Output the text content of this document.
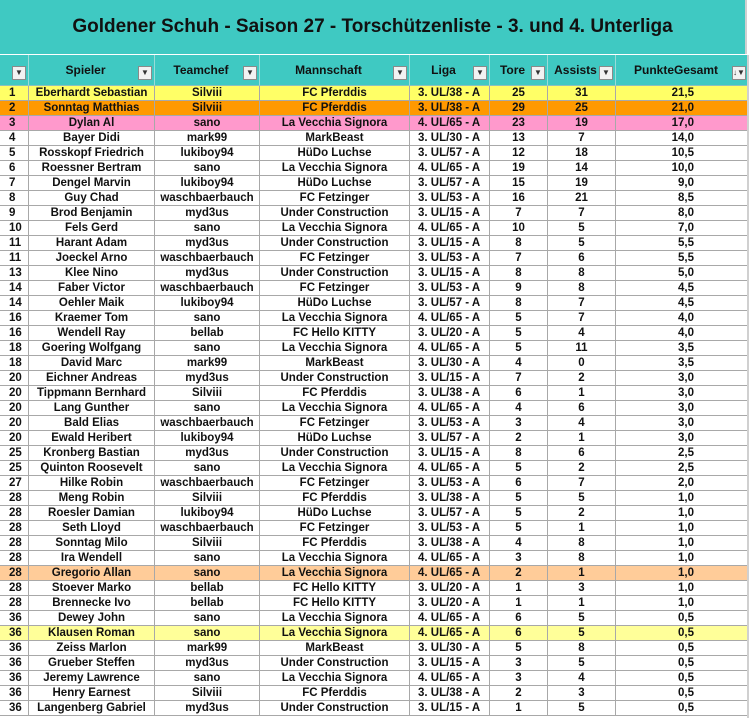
Goldener Schuh - Saison 27 - Torschützenliste - 3. und 4. Unterliga
▼	Spieler	▼	Teamchef	▼	Mannschaft	▼	Liga	▼	Tore	▼	Assists ▼	PunkteGesamt ↓▼
1	Eberhardt Sebastian	Silviii	FC Pferddis	3. UL/38 - A	25	31	21,5
2	Sonntag Matthias	Silviii	FC Pferddis	3. UL/38 - A	29	25	21,0
3	Dylan Al	sano	La Vecchia Signora	4. UL/65 - A	23	19	17,0
4	Bayer Didi	mark99	MarkBeast	3. UL/30 - A	13	7	14,0
5	Rosskopf Friedrich	lukiboy94	HüDo Luchse	3. UL/57 - A	12	18	10,5
6	Roessner Bertram	sano	La Vecchia Signora	4. UL/65 - A	19	14	10,0
7	Dengel Marvin	lukiboy94	HüDo Luchse	3. UL/57 - A	15	19	9,0
8	Guy Chad	waschbaerbauch	FC Fetzinger	3. UL/53 - A	16	21	8,5
9	Brod Benjamin	myd3us	Under Construction	3. UL/15 - A	7	7	8,0
10	Fels Gerd	sano	La Vecchia Signora	4. UL/65 - A	10	5	7,0
11	Harant Adam	myd3us	Under Construction	3. UL/15 - A	8	5	5,5
11	Joeckel Arno	waschbaerbauch	FC Fetzinger	3. UL/53 - A	7	6	5,5
13	Klee Nino	myd3us	Under Construction	3. UL/15 - A	8	8	5,0
14	Faber Victor	waschbaerbauch	FC Fetzinger	3. UL/53 - A	9	8	4,5
14	Oehler Maik	lukiboy94	HüDo Luchse	3. UL/57 - A	8	7	4,5
16	Kraemer Tom	sano	La Vecchia Signora	4. UL/65 - A	5	7	4,0
16	Wendell Ray	bellab	FC Hello KITTY	3. UL/20 - A	5	4	4,0
18	Goering Wolfgang	sano	La Vecchia Signora	4. UL/65 - A	5	11	3,5
18	David Marc	mark99	MarkBeast	3. UL/30 - A	4	0	3,5
20	Eichner Andreas	myd3us	Under Construction	3. UL/15 - A	7	2	3,0
20	Tippmann Bernhard	Silviii	FC Pferddis	3. UL/38 - A	6	1	3,0
20	Lang Gunther	sano	La Vecchia Signora	4. UL/65 - A	4	6	3,0
20	Bald Elias	waschbaerbauch	FC Fetzinger	3. UL/53 - A	3	4	3,0
20	Ewald Heribert	lukiboy94	HüDo Luchse	3. UL/57 - A	2	1	3,0
25	Kronberg Bastian	myd3us	Under Construction	3. UL/15 - A	8	6	2,5
25	Quinton Roosevelt	sano	La Vecchia Signora	4. UL/65 - A	5	2	2,5
27	Hilke Robin	waschbaerbauch	FC Fetzinger	3. UL/53 - A	6	7	2,0
28	Meng Robin	Silviii	FC Pferddis	3. UL/38 - A	5	5	1,0
28	Roesler Damian	lukiboy94	HüDo Luchse	3. UL/57 - A	5	2	1,0
28	Seth Lloyd	waschbaerbauch	FC Fetzinger	3. UL/53 - A	5	1	1,0
28	Sonntag Milo	Silviii	FC Pferddis	3. UL/38 - A	4	8	1,0
28	Ira Wendell	sano	La Vecchia Signora	4. UL/65 - A	3	8	1,0
28	Gregorio Allan	sano	La Vecchia Signora	4. UL/65 - A	2	1	1,0
28	Stoever Marko	bellab	FC Hello KITTY	3. UL/20 - A	1	3	1,0
28	Brennecke Ivo	bellab	FC Hello KITTY	3. UL/20 - A	1	1	1,0
36	Dewey John	sano	La Vecchia Signora	4. UL/65 - A	6	5	0,5
36	Klausen Roman	sano	La Vecchia Signora	4. UL/65 - A	6	5	0,5
36	Zeiss Marlon	mark99	MarkBeast	3. UL/30 - A	5	8	0,5
36	Grueber Steffen	myd3us	Under Construction	3. UL/15 - A	3	5	0,5
36	Jeremy Lawrence	sano	La Vecchia Signora	4. UL/65 - A	3	4	0,5
36	Henry Earnest	Silviii	FC Pferddis	3. UL/38 - A	2	3	0,5
36	Langenberg Gabriel	myd3us	Under Construction	3. UL/15 - A	1	5	0,5
